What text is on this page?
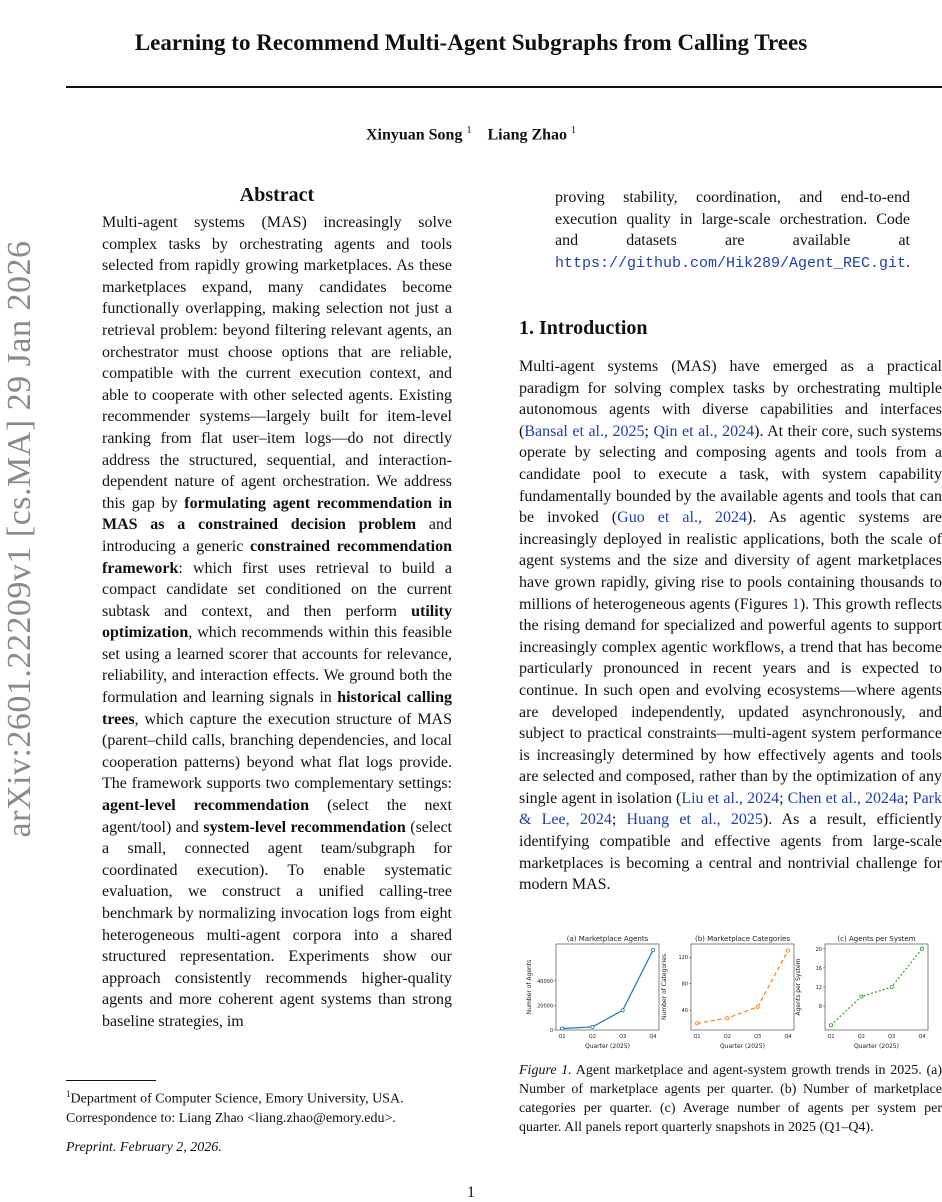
Learning to Recommend Multi-Agent Subgraphs from Calling Trees
Xinyuan Song $^1$ Liang Zhao $^1$
arXiv:2601.22209v1 [cs.MA] 29 Jan 2026
Abstract

Multi-agent systems (MAS) increasingly solve complex tasks by orchestrating agents and tools selected from rapidly growing marketplaces. As these marketplaces expand, many candidates become functionally overlapping, making selection not just a retrieval problem: beyond filtering relevant agents, an orchestrator must choose options that are reliable, compatible with the current execution context, and able to cooperate with other selected agents. Existing recommender systems—largely built for item-level ranking from flat user–item logs—do not directly address the structured, sequential, and interaction-dependent nature of agent orchestration. We address this gap by formulating agent recommendation in MAS as a constrained decision problem and introducing a generic constrained recommendation framework: which first uses retrieval to build a compact candidate set conditioned on the current subtask and context, and then perform utility optimization, which recommends within this feasible set using a learned scorer that accounts for relevance, reliability, and interaction effects. We ground both the formulation and learning signals in historical calling trees, which capture the execution structure of MAS (parent–child calls, branching dependencies, and local cooperation patterns) beyond what flat logs provide. The framework supports two complementary settings: agent-level recommendation (select the next agent/tool) and system-level recommendation (select a small, connected agent team/subgraph for coordinated execution). To enable systematic evaluation, we construct a unified calling-tree benchmark by normalizing invocation logs from eight heterogeneous multi-agent corpora into a shared structured representation. Experiments show our approach consistently recommends higher-quality agents and more coherent agent systems than strong baseline strategies, im

proving stability, coordination, and end-to-end execution quality in large-scale orchestration. Code and datasets are available at https://github.com/Hik289/Agent_REC.git.

1. Introduction

Multi-agent systems (MAS) have emerged as a practical paradigm for solving complex tasks by orchestrating multiple autonomous agents with diverse capabilities and interfaces (Bansal et al., 2025; Qin et al., 2024). At their core, such systems operate by selecting and composing agents and tools from a candidate pool to execute a task, with system capability fundamentally bounded by the available agents and tools that can be invoked (Guo et al., 2024). As agentic systems are increasingly deployed in realistic applications, both the scale of agent systems and the size and diversity of agent marketplaces have grown rapidly, giving rise to pools containing thousands to millions of heterogeneous agents (Figures 1). This growth reflects the rising demand for specialized and powerful agents to support increasingly complex agentic workflows, a trend that has become particularly pronounced in recent years and is expected to continue. In such open and evolving ecosystems—where agents are developed independently, updated asynchronously, and subject to practical constraints—multi-agent system performance is increasingly determined by how effectively agents and tools are selected and composed, rather than by the optimization of any single agent in isolation (Liu et al., 2024; Chen et al., 2024a; Park & Lee, 2024; Huang et al., 2025). As a result, efficiently identifying compatible and effective agents from large-scale marketplaces is becoming a central and nontrivial challenge for modern MAS.

(a) Marketplace Agents
Quarter (2025)
Number of Agents
0
20000
40000
Q1	Q2	Q3	Q4
(b) Marketplace Categories
Quarter (2025)
Number of Categories	40
80
120
Q1	Q2	Q3	Q4
(c) Agents per System
Quarter (2025)
Agents per System	8
12
16
20
Q1	Q2	Q3	Q4
Figure 1. Agent marketplace and agent-system growth trends in 2025. (a) Number of marketplace agents per quarter. (b) Number of marketplace categories per quarter. (c) Average number of agents per system per quarter. All panels report quarterly snapshots in 2025 (Q1–Q4).
$^1$Department of Computer Science, Emory University, USA.
Correspondence to: Liang Zhao <liang.zhao@emory.edu>.
Preprint. February 2, 2026.
1
